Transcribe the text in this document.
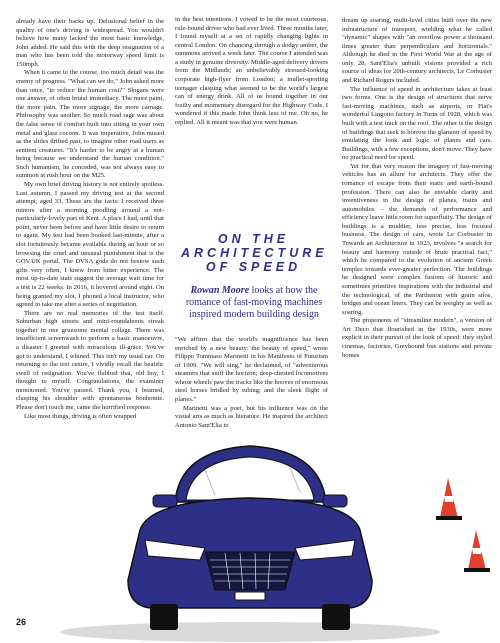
already have their backs up. Delusional belief in the quality of one's driving is widespread. You wouldn't believe how many lacked the most basic knowledge, John added. He said this with the deep resignation of a man who has been told the motorway speed limit is 150mph.

When it came to the course, too much detail was the enemy of progress. "What can we do," John asked more than once, "to reduce the human cost?" Slogans were one answer, of often brutal immediacy. The more paint, the more pain. The more signage, the more carnage. Philosophy was another. So much road rage was about the false sense of comfort built into sitting in your own metal and glass cocoon. It was imperative, John mused as the slides drifted past, to imagine other road users as sentient creatures. "It's harder to be angry at a human being because we understand the human condition." Such humanism, he conceded, was not always easy to summon at rush hour on the M25.

My own brief driving history is not entirely spotless. Last autumn, I passed my driving test at the second attempt, aged 33. These are the facts: I received three minors after a morning poodling around a not-particularly-lovely part of Kent. A place I had, until that point, never been before and have little desire to return to again. My test had been booked last-minute, after a slot fortuitously became available during an hour or so browsing the cruel and unusual punishment that is the GOV.UK portal. The DVSA gods do not bestow such gifts very often, I knew from bitter experience. The most up-to-date stats suggest the average wait time for a test is 22 weeks. In 2016, it hovered around eight. On being granted my slot, I phoned a local instructor, who agreed to take me after a series of negotiation.

There are no real memories of the test itself. Suburban high streets and mini-roundabouts streak together in one gruesome mental collage. There was insufficient screenwash to perform a basic manoeuvre, a disaster I greeted with miraculous ill-grace. You've got to understand, I whined. This isn't my usual car. On returning to the test centre, I vividly recall the beatific swell of resignation. You've flubbed that, old boy, I thought to myself. Congratulations, the examiner monotoned. You've passed. Thank you, I beamed, clasping his shoulder with spontaneous bonhomie. Please don't touch me, came the horrified response.

Like most things, driving is often wrapped

in the best intentions. I vowed to be the most courteous, rule-bound driver who had ever lived. Three months later, I found myself at a set of rapidly changing lights in central London. On chancing through a dodgy amber, the summons arrived a week later. The course I attended was a study in genuine diversity. Middle-aged delivery drivers from the Midlands; an unbelievably stressed-looking corporate high-flyer from London; a mullet-sporting teenager clasping what seemed to be the world's largest can of energy drink. All of us bound together in our frailty and momentary disregard for the Highway Code. I wondered if this made John think less of me. Oh no, he replied. All it meant was that you were human.

ON THE
ARCHITECTURE
OF SPEED
Rowan Moore looks at how the romance of fast-moving machines inspired modern building design

"We affirm that the world's magnificence has been enriched by a new beauty: the beauty of speed," wrote Filippo Tommaso Marinetti in his Manifesto of Futurism of 1909. "We will sing," he declaimed, of "adventurous steamers that sniff the horizon; deep-chested locomotives whose wheels paw the tracks like the hooves of enormous steel horses bridled by tubing; and the sleek flight of planes."

Marinetti was a poet, but his influence was on the visual arts as much as literature. He inspired the architect Antonio Sant'Elia to

dream up soaring, multi-level cities built over the new infrastructure of transport, wielding what he called "dynamic" shapes with "an overflow power a thousand times greater than perpendiculars and horizontals." Although he died in the First World War at the age of only 28, Sant'Elia's unbuilt visions provided a rich source of ideas for 20th-century architects, Le Corbusier and Richard Rogers included.

The influence of speed in architecture takes at least two forms. One is the design of structures that serve fast-moving machines, such as airports, or Fiat's wonderful Lingotto factory in Turin of 1928, which was built with a test track on the roof. The other is the design of buildings that seek to borrow the glamour of speed by emulating the look and logic of planes and cars. Buildings, with a few exceptions, don't move. They have no practical need for speed.

Yet for that very reason the imagery of fast-moving vehicles has an allure for architects. They offer the romance of escape from their static and earth-bound profession. There can also be enviable clarity and inventiveness in the design of planes, trains and automobiles – the demands of performance and efficiency leave little room for superfluity. The design of buildings is a muddier, less precise, less focused business. The design of cars, wrote Le Corbusier in Towards an Architecture in 1923, involves "a search for beauty and harmony outside of brute practical fact," which he compared to the evolution of ancient Greek temples towards ever-greater perfection. The buildings he designed were complex fusions of historic and sometimes primitive inspirations with the industrial and the technological, of the Parthenon with grain silos, bridges and ocean liners. They can be weighty as well as soaring.

The proponents of "streamline modern", a version of Art Deco that flourished in the 1930s, were more explicit in their pursuit of the look of speed: they styled cinemas, factories, Greyhound bus stations and private homes

26
